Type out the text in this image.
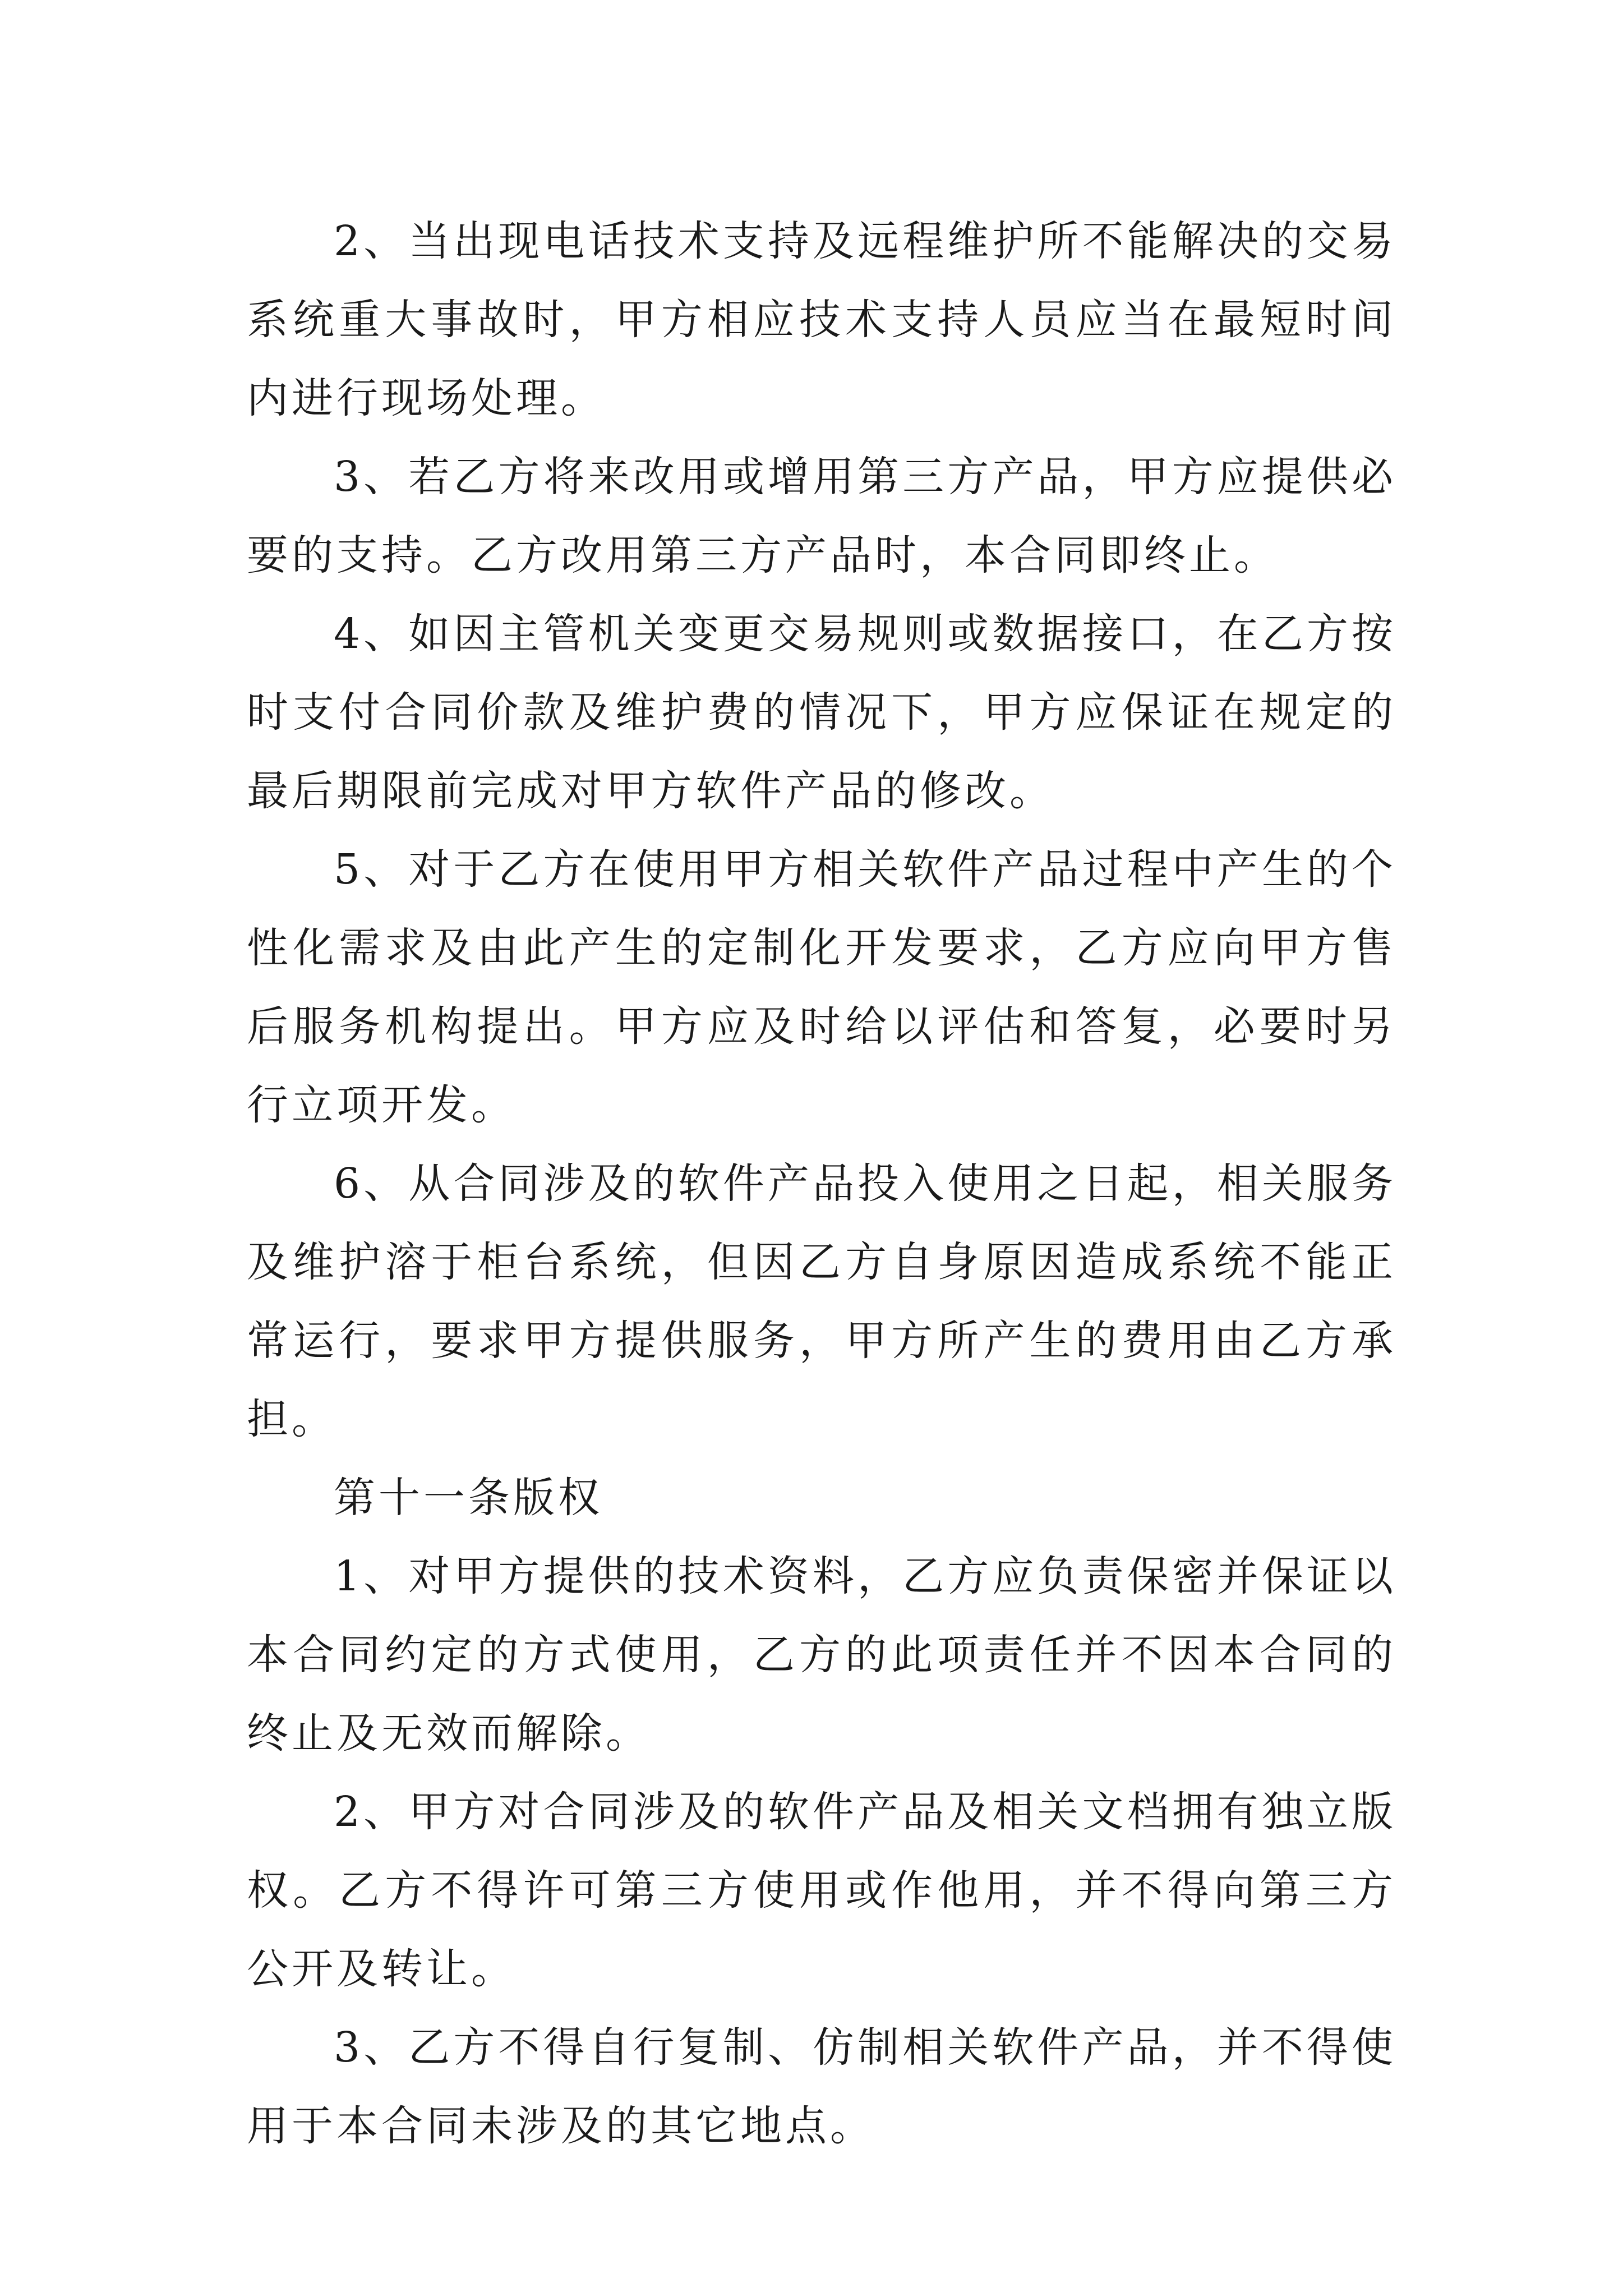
2、当出现电话技术支持及远程维护所不能解决的交易系统重大事故时，甲方相应技术支持人员应当在最短时间内进行现场处理。

3、若乙方将来改用或增用第三方产品，甲方应提供必要的支持。乙方改用第三方产品时，本合同即终止。

4、如因主管机关变更交易规则或数据接口，在乙方按时支付合同价款及维护费的情况下，甲方应保证在规定的最后期限前完成对甲方软件产品的修改。

5、对于乙方在使用甲方相关软件产品过程中产生的个性化需求及由此产生的定制化开发要求，乙方应向甲方售后服务机构提出。甲方应及时给以评估和答复，必要时另行立项开发。

6、从合同涉及的软件产品投入使用之日起，相关服务及维护溶于柜台系统，但因乙方自身原因造成系统不能正常运行，要求甲方提供服务，甲方所产生的费用由乙方承担。

第十一条版权

1、对甲方提供的技术资料，乙方应负责保密并保证以本合同约定的方式使用，乙方的此项责任并不因本合同的终止及无效而解除。

2、甲方对合同涉及的软件产品及相关文档拥有独立版权。乙方不得许可第三方使用或作他用，并不得向第三方公开及转让。

3、乙方不得自行复制、仿制相关软件产品，并不得使用于本合同未涉及的其它地点。
